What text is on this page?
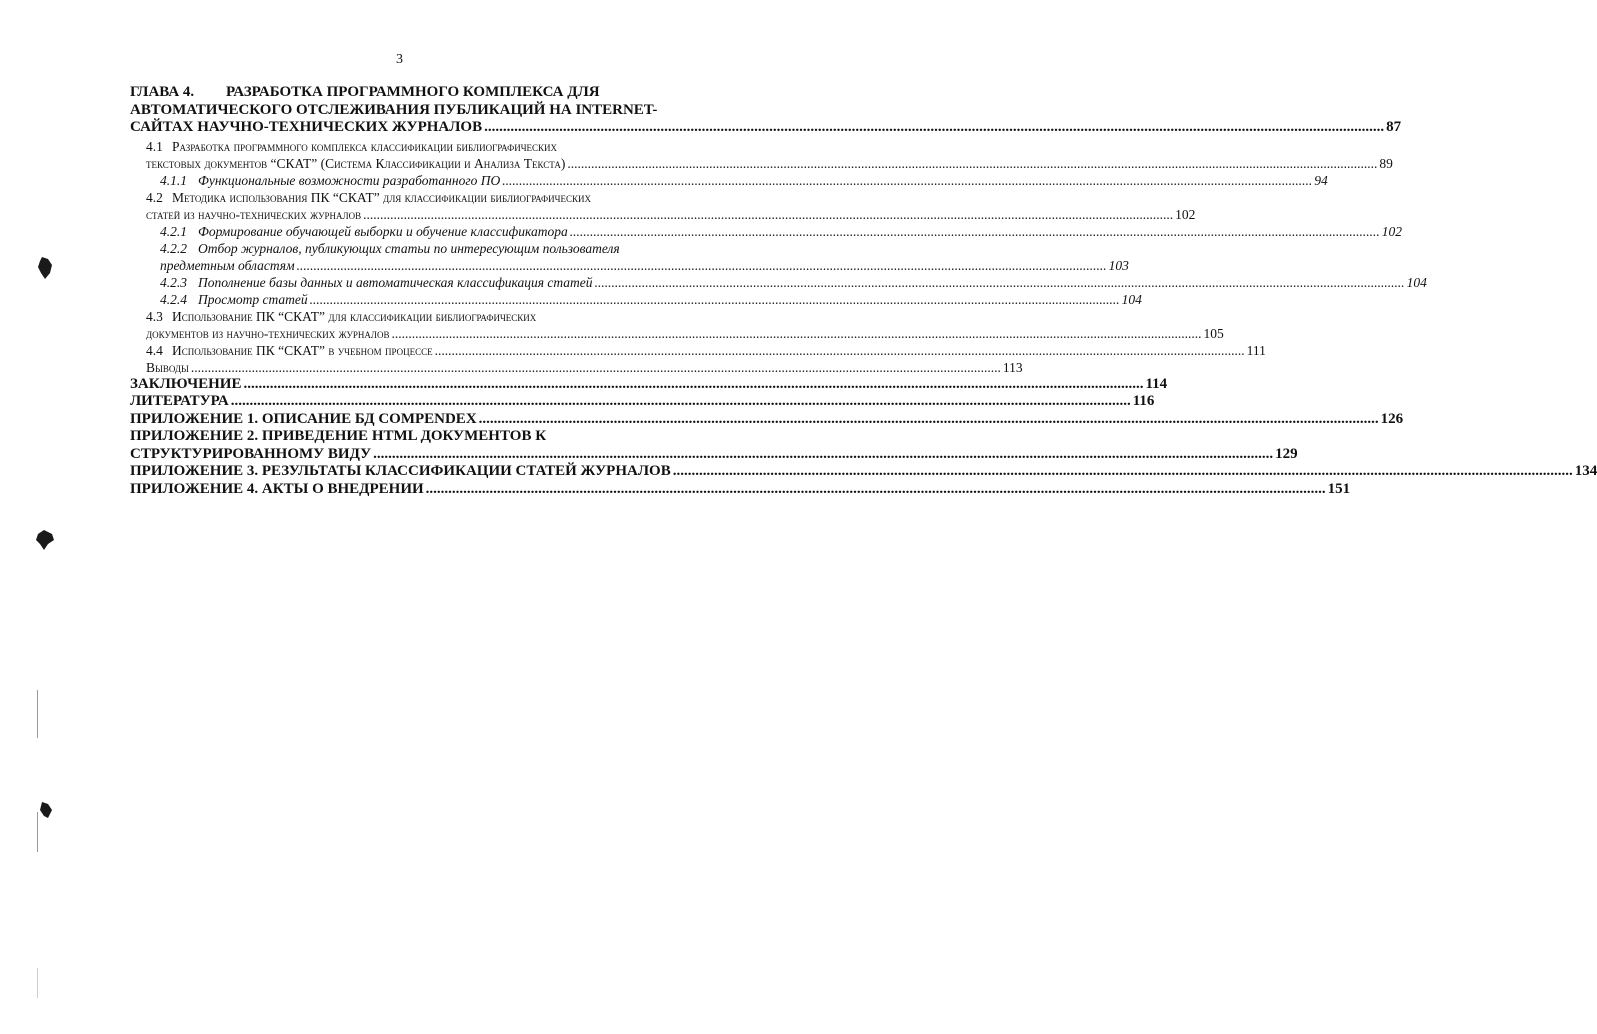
3
ГЛАВА 4. РАЗРАБОТКА ПРОГРАММНОГО КОМПЛЕКСА ДЛЯ
АВТОМАТИЧЕСКОГО ОТСЛЕЖИВАНИЯ ПУБЛИКАЦИЙ НА INTERNET-
САЙТАХ НАУЧНО-ТЕХНИЧЕСКИХ ЖУРНАЛОВ .....	87
4.1 Разработка программного комплекса классификации библиографических
текстовых документов “СКАТ” (Система Классификации и Анализа Текста) .....	89
4.1.1 Функциональные возможности разработанного ПО .....	94
4.2 Методика использования ПК “СКАТ” для классификации библиографических
статей из научно-технических журналов .....	102
4.2.1 Формирование обучающей выборки и обучение классификатора .....	102
4.2.2 Отбор журналов, публикующих статьи по интересующим пользователя
предметным областям .....	103
4.2.3 Пополнение базы данных и автоматическая классификация статей .....	104
4.2.4 Просмотр статей .....	104
4.3 Использование ПК “СКАТ” для классификации библиографических
документов из научно-технических журналов .....	105
4.4 Использование ПК “СКАТ” в учебном процессе .....	111
Выводы .....	113
ЗАКЛЮЧЕНИЕ .....	114
ЛИТЕРАТУРА .....	116
ПРИЛОЖЕНИЕ 1. ОПИСАНИЕ БД COMPENDEX .....	126
ПРИЛОЖЕНИЕ 2. ПРИВЕДЕНИЕ HTML ДОКУМЕНТОВ К
СТРУКТУРИРОВАННОМУ ВИДУ .....	129
ПРИЛОЖЕНИЕ 3. РЕЗУЛЬТАТЫ КЛАССИФИКАЦИИ СТАТЕЙ ЖУРНАЛОВ .....	134
ПРИЛОЖЕНИЕ 4. АКТЫ О ВНЕДРЕНИИ .....	151
